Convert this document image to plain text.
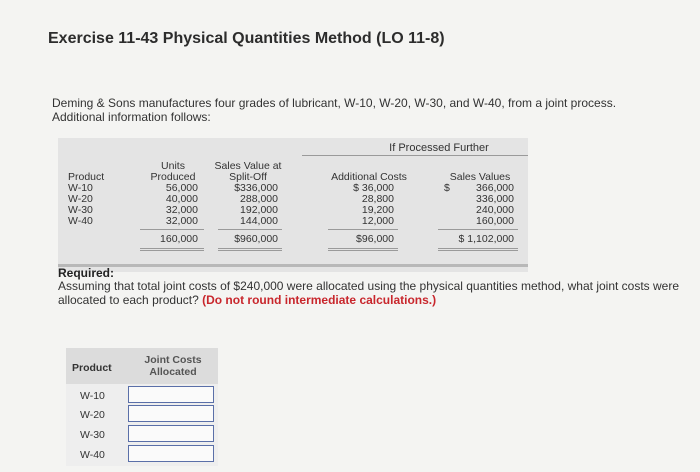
Exercise 11-43 Physical Quantities Method (LO 11-8)
Deming & Sons manufactures four grades of lubricant, W-10, W-20, W-30, and W-40, from a joint process. Additional information follows:
If Processed Further
Units	Sales Value at
Product	Produced	Split-Off	Additional Costs	Sales Values
W-10	56,000	$336,000	$ 36,000	$	366,000
W-20	40,000	288,000	28,800	336,000
W-30	32,000	192,000	19,200	240,000
W-40	32,000	144,000	12,000	160,000
160,000	$960,000	$96,000	$ 1,102,000
Required:
Assuming that total joint costs of $240,000 were allocated using the physical quantities method, what joint costs were allocated to each product? (Do not round intermediate calculations.)
Product
Joint Costs
Allocated
W-10
W-20
W-30
W-40
